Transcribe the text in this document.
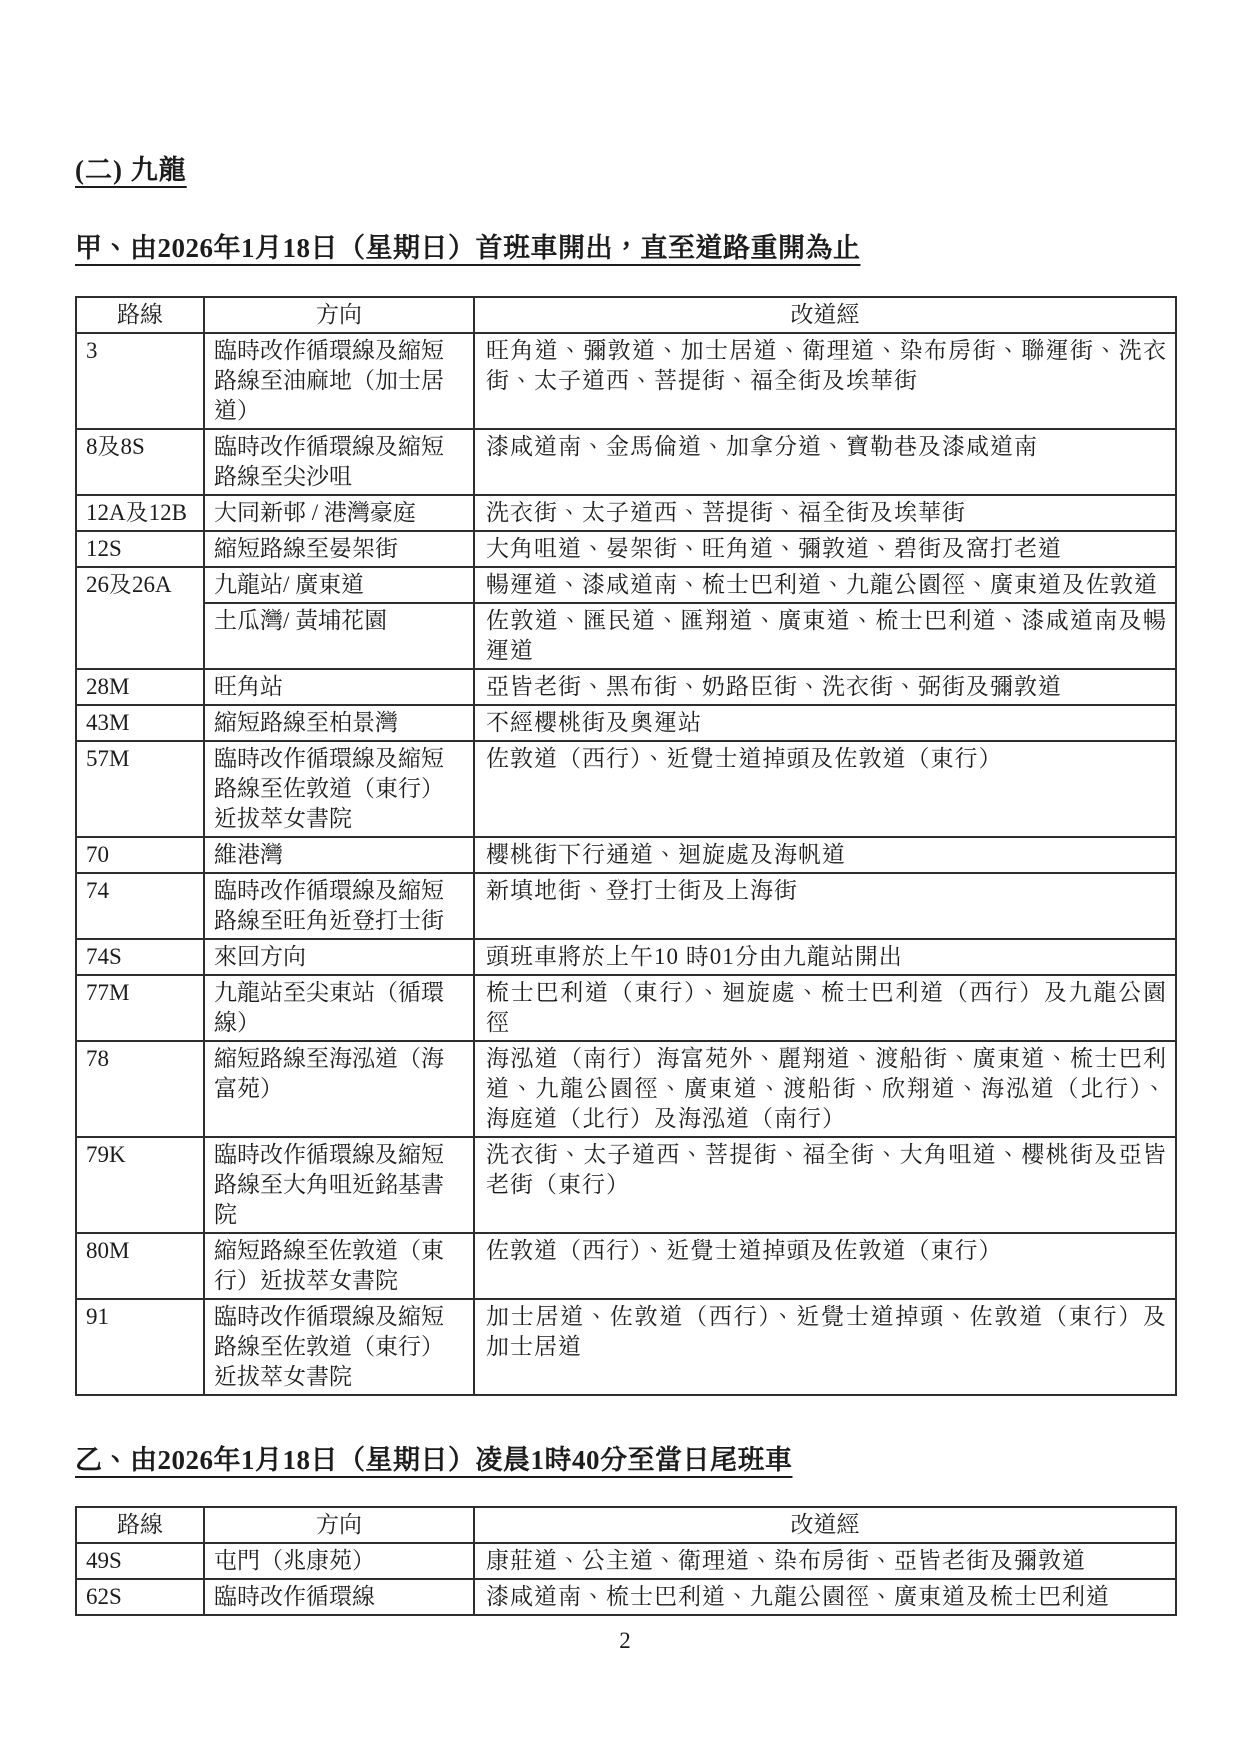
(二) 九龍
甲、由2026年1月18日（星期日）首班車開出，直至道路重開為止
路線	方向	改道經
3	臨時改作循環線及縮短路線至油麻地（加士居道）	旺角道、彌敦道、加士居道、衛理道、染布房街、聯運街、洗衣街、太子道西、菩提街、福全街及埃華街
8及8S	臨時改作循環線及縮短路線至尖沙咀	漆咸道南、金馬倫道、加拿分道、寶勒巷及漆咸道南
12A及12B	大同新邨 / 港灣豪庭	洗衣街、太子道西、菩提街、福全街及埃華街
12S	縮短路線至晏架街	大角咀道、晏架街、旺角道、彌敦道、碧街及窩打老道
26及26A	九龍站/ 廣東道	暢運道、漆咸道南、梳士巴利道、九龍公園徑、廣東道及佐敦道
	土瓜灣/ 黃埔花園	佐敦道、匯民道、匯翔道、廣東道、梳士巴利道、漆咸道南及暢運道
28M	旺角站	亞皆老街、黑布街、奶路臣街、洗衣街、弼街及彌敦道
43M	縮短路線至柏景灣	不經櫻桃街及奧運站
57M	臨時改作循環線及縮短路線至佐敦道（東行）近拔萃女書院	佐敦道（西行）、近覺士道掉頭及佐敦道（東行）
70	維港灣	櫻桃街下行通道、迴旋處及海帆道
74	臨時改作循環線及縮短路線至旺角近登打士街	新填地街、登打士街及上海街
74S	來回方向	頭班車將於上午10 時01分由九龍站開出
77M	九龍站至尖東站（循環線）	梳士巴利道（東行）、迴旋處、梳士巴利道（西行）及九龍公園徑
78	縮短路線至海泓道（海富苑）	海泓道（南行）海富苑外、麗翔道、渡船街、廣東道、梳士巴利道、九龍公園徑、廣東道、渡船街、欣翔道、海泓道（北行）、海庭道（北行）及海泓道（南行）
79K	臨時改作循環線及縮短路線至大角咀近銘基書院	洗衣街、太子道西、菩提街、福全街、大角咀道、櫻桃街及亞皆老街（東行）
80M	縮短路線至佐敦道（東行）近拔萃女書院	佐敦道（西行）、近覺士道掉頭及佐敦道（東行）
91	臨時改作循環線及縮短路線至佐敦道（東行）近拔萃女書院	加士居道、佐敦道（西行）、近覺士道掉頭、佐敦道（東行）及加士居道
乙、由2026年1月18日（星期日）凌晨1時40分至當日尾班車
路線	方向	改道經
49S	屯門（兆康苑）	康莊道、公主道、衛理道、染布房街、亞皆老街及彌敦道
62S	臨時改作循環線	漆咸道南、梳士巴利道、九龍公園徑、廣東道及梳士巴利道
2
